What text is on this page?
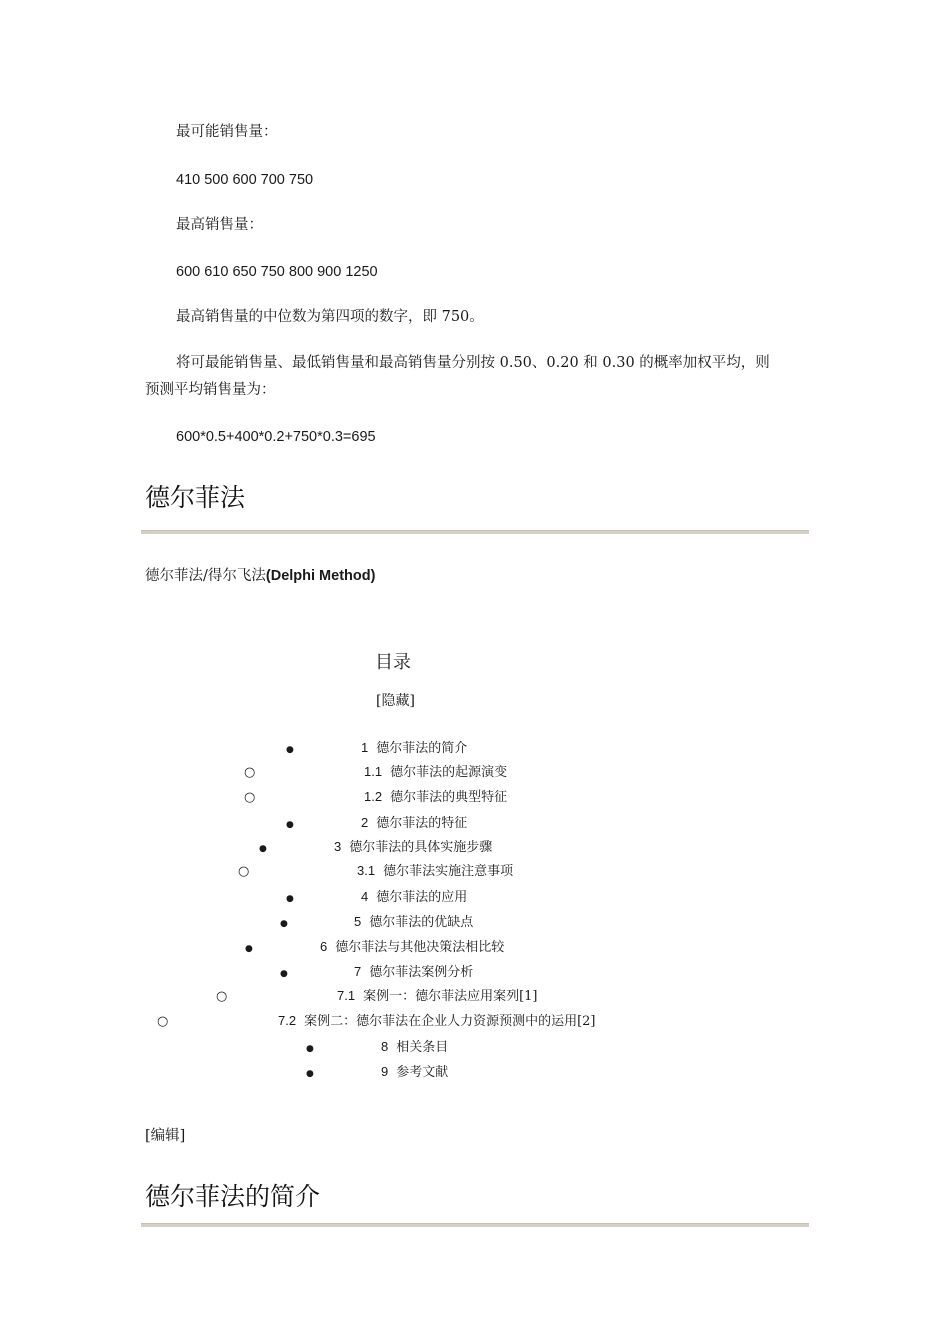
最可能销售量：
410 500 600 700 750
最高销售量：
600 610 650 750 800 900 1250
最高销售量的中位数为第四项的数字，即 750。
将可最能销售量、最低销售量和最高销售量分别按 0.50、0.20 和 0.30 的概率加权平均，则
预测平均销售量为：
600*0.5+400*0.2+750*0.3=695
德尔菲法
德尔菲法/得尔飞法(Delphi Method)
目录
[隐藏]
●
1 德尔菲法的简介
○
1.1 德尔菲法的起源演变
○
1.2 德尔菲法的典型特征
●
2 德尔菲法的特征
●
3 德尔菲法的具体实施步骤
○
3.1 德尔菲法实施注意事项
●
4 德尔菲法的应用
●
5 德尔菲法的优缺点
●
6 德尔菲法与其他决策法相比较
●
7 德尔菲法案例分析
○
7.1 案例一：德尔菲法应用案列[1]
○
7.2 案例二：德尔菲法在企业人力资源预测中的运用[2]
●
8 相关条目
●
9 参考文献
[编辑]
德尔菲法的简介
